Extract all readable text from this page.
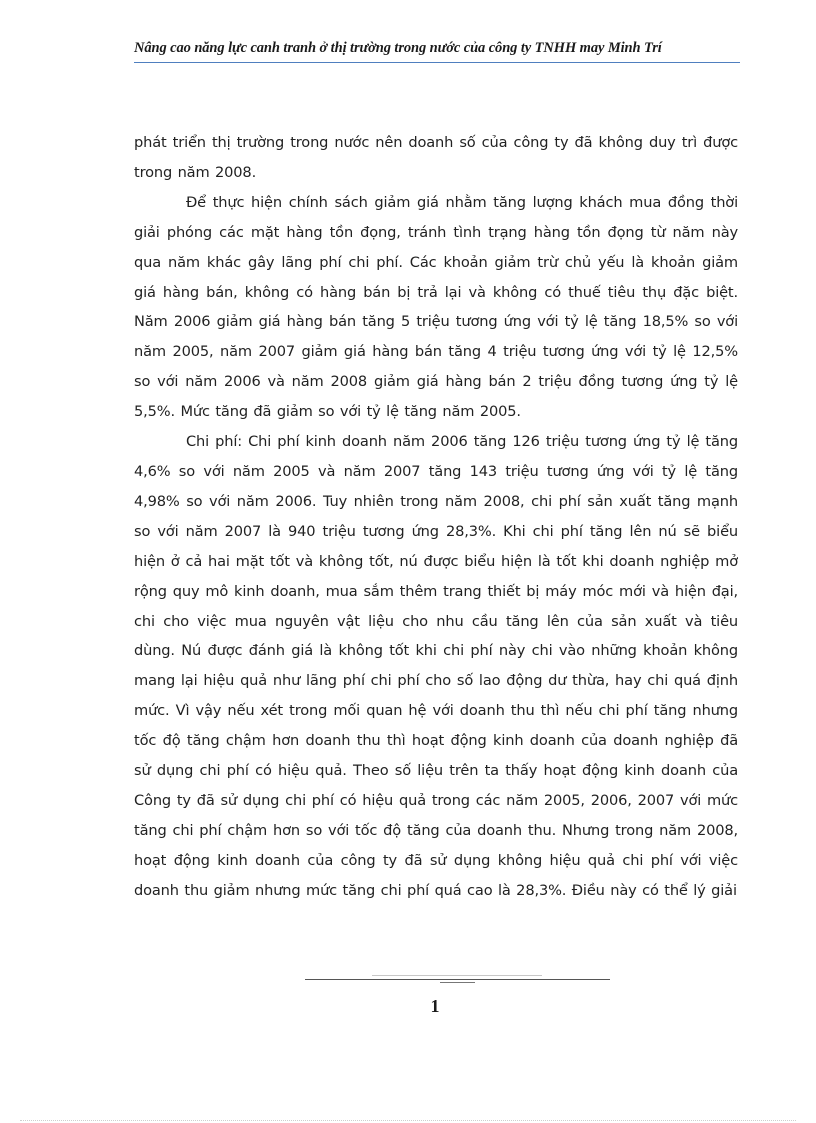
Nâng cao năng lực canh tranh ở thị trường trong nước của công ty TNHH may Minh Trí

phát triển thị trường trong nước nên doanh số của công ty đã không duy trì được trong năm 2008.

Để thực hiện chính sách giảm giá nhằm tăng lượng khách mua đồng thời giải phóng các mặt hàng tồn đọng, tránh tình trạng hàng tồn đọng từ năm này qua năm khác gây lãng phí chi phí. Các khoản giảm trừ chủ yếu là khoản giảm giá hàng bán, không có hàng bán bị trả lại và không có thuế tiêu thụ đặc biệt. Năm 2006 giảm giá hàng bán tăng 5 triệu tương ứng với tỷ lệ tăng 18,5% so với năm 2005, năm 2007 giảm giá hàng bán tăng 4 triệu tương ứng với tỷ lệ 12,5% so với năm 2006 và năm 2008 giảm giá hàng bán 2 triệu đồng tương ứng tỷ lệ 5,5%. Mức tăng đã giảm so với tỷ lệ tăng năm 2005.

Chi phí: Chi phí kinh doanh năm 2006 tăng 126 triệu tương ứng tỷ lệ tăng 4,6% so với năm 2005 và năm 2007 tăng 143 triệu tương ứng với tỷ lệ tăng 4,98% so với năm 2006. Tuy nhiên trong năm 2008, chi phí sản xuất tăng mạnh so với năm 2007 là 940 triệu tương ứng 28,3%. Khi chi phí tăng lên nú sẽ biểu hiện ở cả hai mặt tốt và không tốt, nú được biểu hiện là tốt khi doanh nghiệp mở rộng quy mô kinh doanh, mua sắm thêm trang thiết bị máy móc mới và hiện đại, chi cho việc mua nguyên vật liệu cho nhu cầu tăng lên của sản xuất và tiêu dùng. Nú được đánh giá là không tốt khi chi phí này chi vào những khoản không mang lại hiệu quả như lãng phí chi phí cho số lao động dư thừa, hay chi quá định mức. Vì vậy nếu xét trong mối quan hệ với doanh thu thì nếu chi phí tăng nhưng tốc độ tăng chậm hơn doanh thu thì hoạt động kinh doanh của doanh nghiệp đã sử dụng chi phí có hiệu quả. Theo số liệu trên ta thấy hoạt động kinh doanh của Công ty đã sử dụng chi phí có hiệu quả trong các năm 2005, 2006, 2007 với mức tăng chi phí chậm hơn so với tốc độ tăng của doanh thu. Nhưng trong năm 2008, hoạt động kinh doanh của công ty đã sử dụng không hiệu quả chi phí với việc doanh thu giảm nhưng mức tăng chi phí quá cao là 28,3%. Điều này có thể lý giải

1
